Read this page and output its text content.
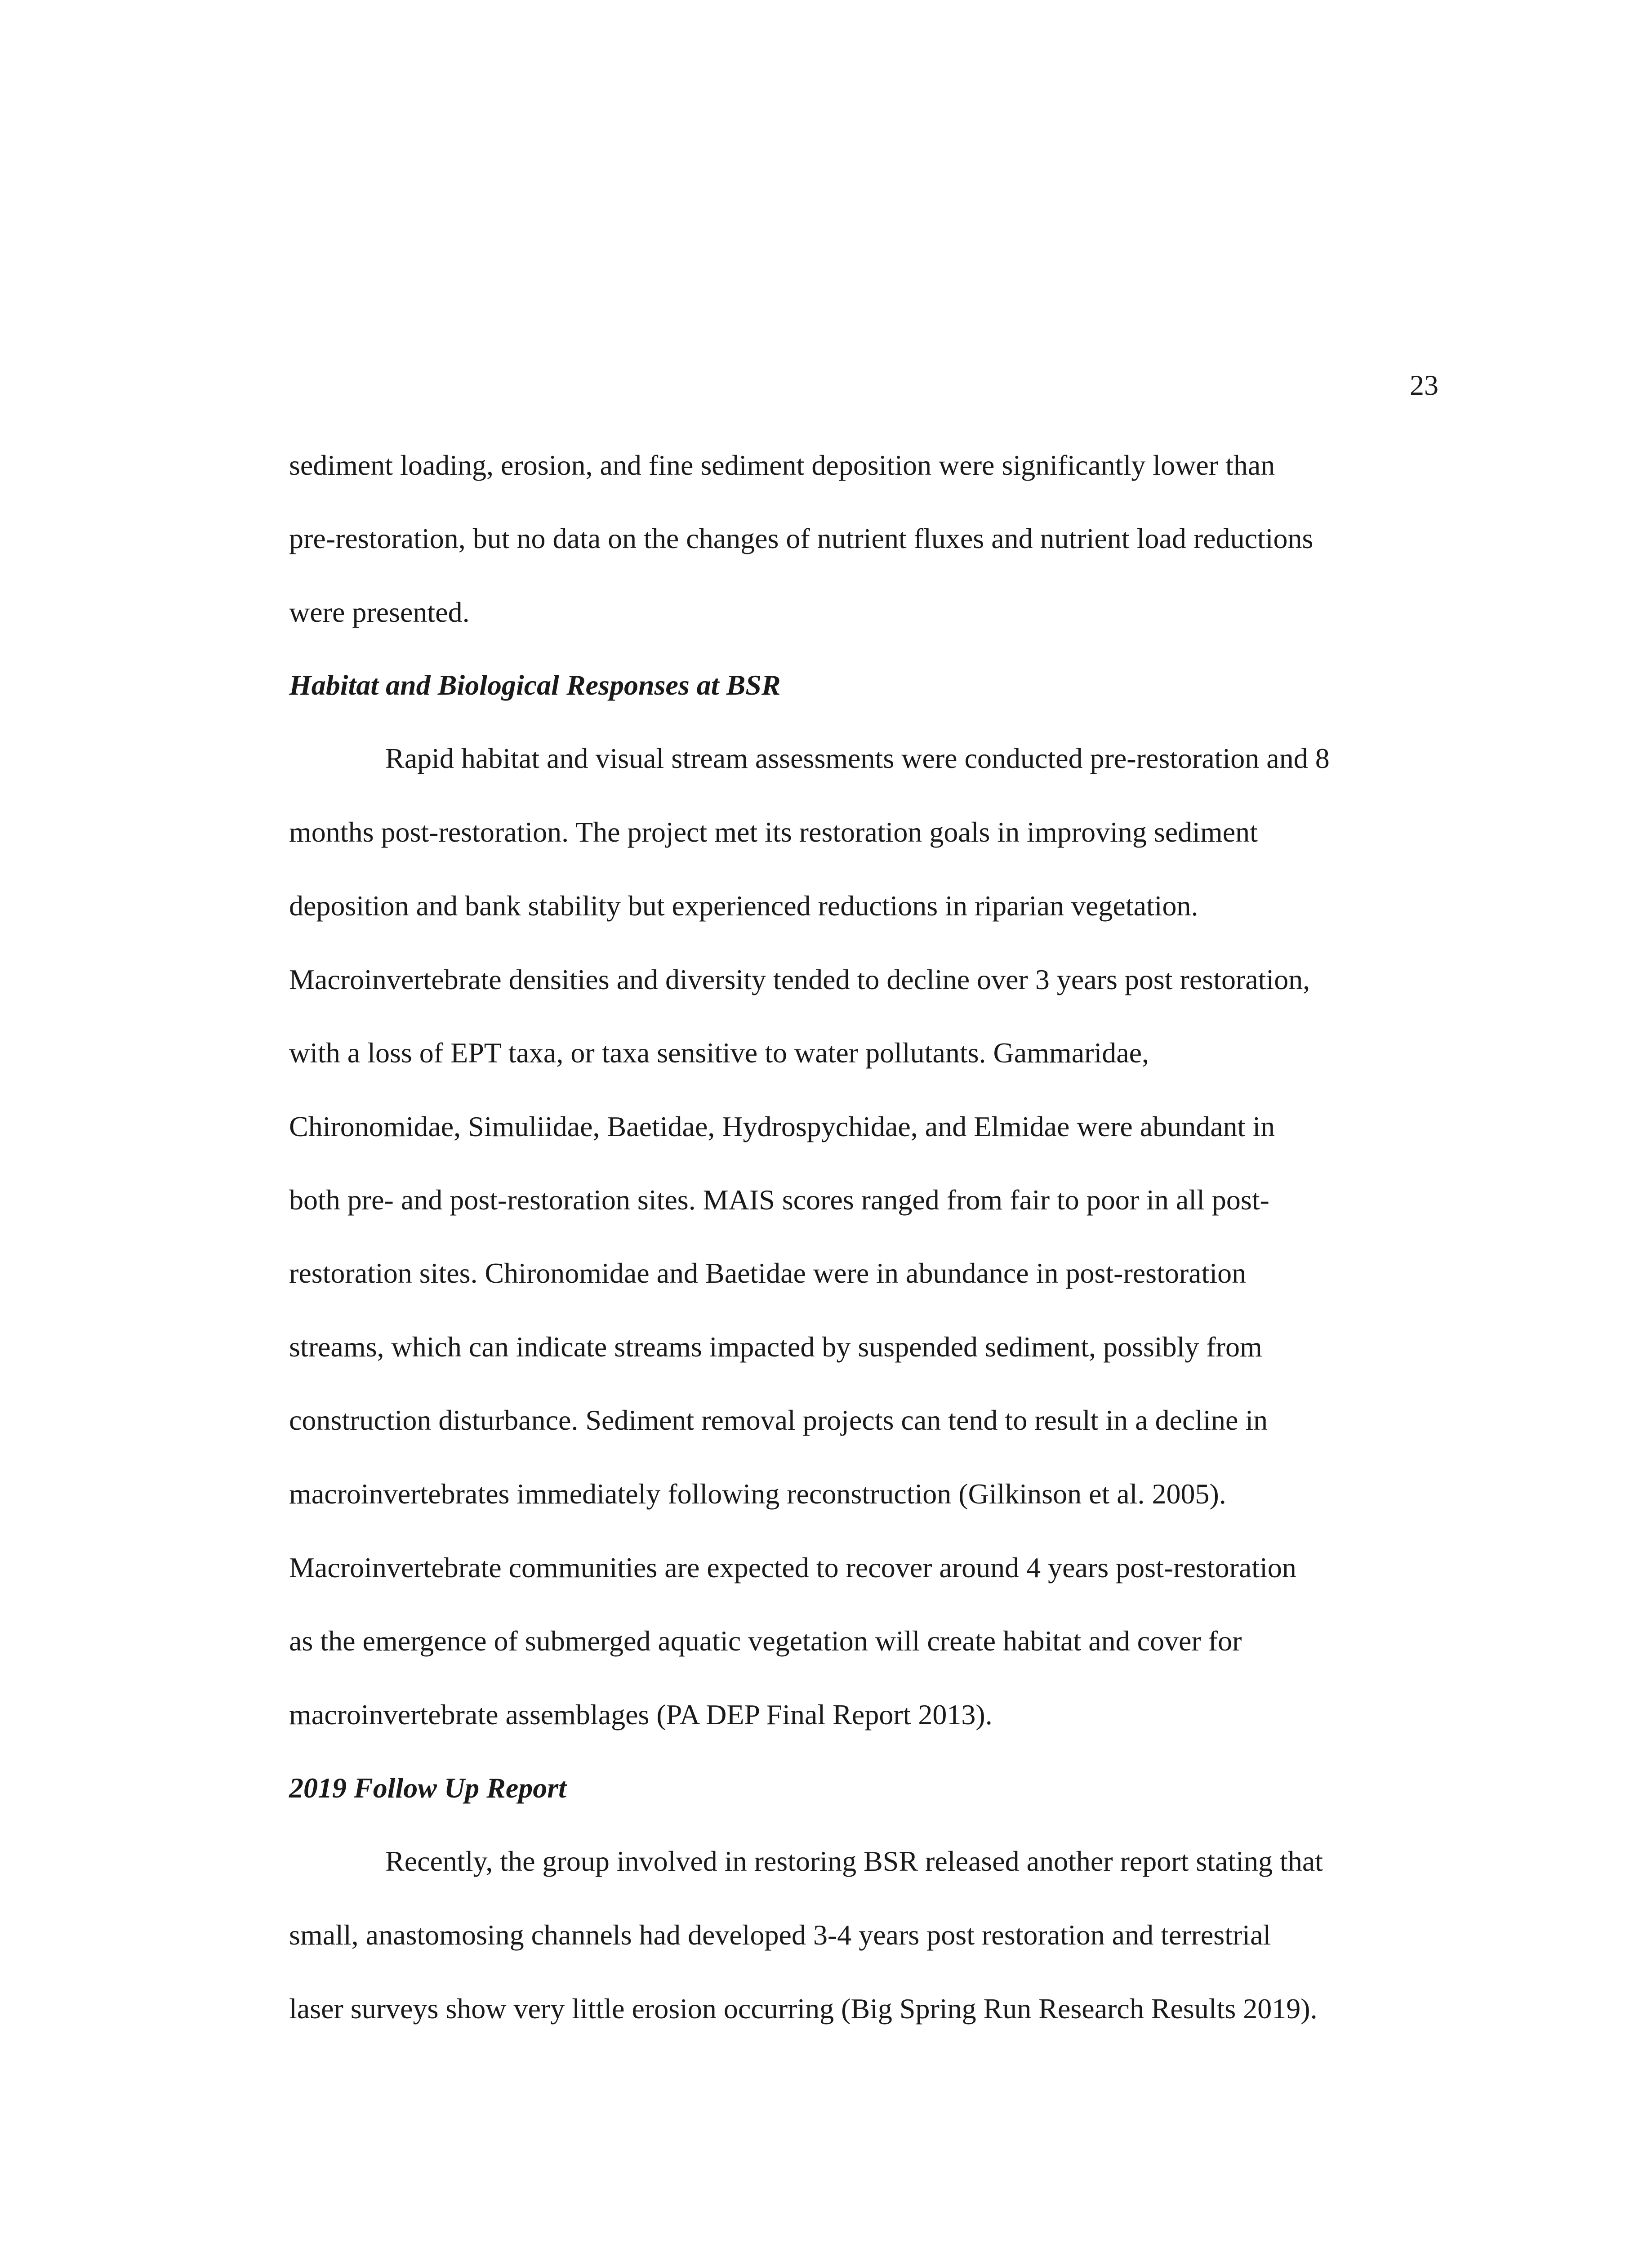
23
sediment loading, erosion, and fine sediment deposition were significantly lower than
pre-restoration, but no data on the changes of nutrient fluxes and nutrient load reductions
were presented.
Habitat and Biological Responses at BSR
Rapid habitat and visual stream assessments were conducted pre-restoration and 8
months post-restoration. The project met its restoration goals in improving sediment
deposition and bank stability but experienced reductions in riparian vegetation.
Macroinvertebrate densities and diversity tended to decline over 3 years post restoration,
with a loss of EPT taxa, or taxa sensitive to water pollutants. Gammaridae,
Chironomidae, Simuliidae, Baetidae, Hydrospychidae, and Elmidae were abundant in
both pre- and post-restoration sites. MAIS scores ranged from fair to poor in all post-
restoration sites. Chironomidae and Baetidae were in abundance in post-restoration
streams, which can indicate streams impacted by suspended sediment, possibly from
construction disturbance. Sediment removal projects can tend to result in a decline in
macroinvertebrates immediately following reconstruction (Gilkinson et al. 2005).
Macroinvertebrate communities are expected to recover around 4 years post-restoration
as the emergence of submerged aquatic vegetation will create habitat and cover for
macroinvertebrate assemblages (PA DEP Final Report 2013).
2019 Follow Up Report
Recently, the group involved in restoring BSR released another report stating that
small, anastomosing channels had developed 3-4 years post restoration and terrestrial
laser surveys show very little erosion occurring (Big Spring Run Research Results 2019).
